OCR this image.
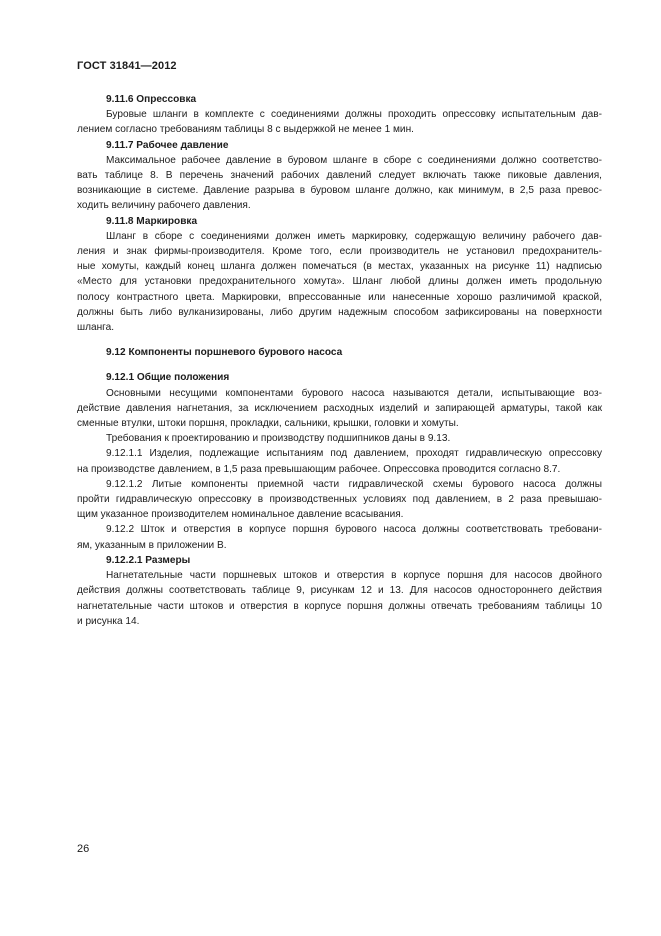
ГОСТ 31841—2012

9.11.6 Опрессовка

Буровые шланги в комплекте с соединениями должны проходить опрессовку испытательным дав-

лением согласно требованиям таблицы 8 с выдержкой не менее 1 мин.

9.11.7 Рабочее давление

Максимальное рабочее давление в буровом шланге в сборе с соединениями должно соответство-

вать таблице 8. В перечень значений рабочих давлений следует включать также пиковые давления,

возникающие в системе. Давление разрыва в буровом шланге должно, как минимум, в 2,5 раза превос-

ходить величину рабочего давления.

9.11.8 Маркировка

Шланг в сборе с соединениями должен иметь маркировку, содержащую величину рабочего дав-

ления и знак фирмы-производителя. Кроме того, если производитель не установил предохранитель-

ные хомуты, каждый конец шланга должен помечаться (в местах, указанных на рисунке 11) надписью

«Место для установки предохранительного хомута». Шланг любой длины должен иметь продольную

полосу контрастного цвета. Маркировки, впрессованные или нанесенные хорошо различимой краской,

должны быть либо вулканизированы, либо другим надежным способом зафиксированы на поверхности

шланга.

9.12 Компоненты поршневого бурового насоса

9.12.1 Общие положения

Основными несущими компонентами бурового насоса называются детали, испытывающие воз-

действие давления нагнетания, за исключением расходных изделий и запирающей арматуры, такой как

сменные втулки, штоки поршня, прокладки, сальники, крышки, головки и хомуты.

Требования к проектированию и производству подшипников даны в 9.13.

9.12.1.1 Изделия, подлежащие испытаниям под давлением, проходят гидравлическую опрессовку

на производстве давлением, в 1,5 раза превышающим рабочее. Опрессовка проводится согласно 8.7.

9.12.1.2 Литые компоненты приемной части гидравлической схемы бурового насоса должны

пройти гидравлическую опрессовку в производственных условиях под давлением, в 2 раза превышаю-

щим указанное производителем номинальное давление всасывания.

9.12.2 Шток и отверстия в корпусе поршня бурового насоса должны соответствовать требовани-

ям, указанным в приложении В.

9.12.2.1 Размеры

Нагнетательные части поршневых штоков и отверстия в корпусе поршня для насосов двойного

действия должны соответствовать таблице 9, рисункам 12 и 13. Для насосов одностороннего действия

нагнетательные части штоков и отверстия в корпусе поршня должны отвечать требованиям таблицы 10

и рисунка 14.

26
